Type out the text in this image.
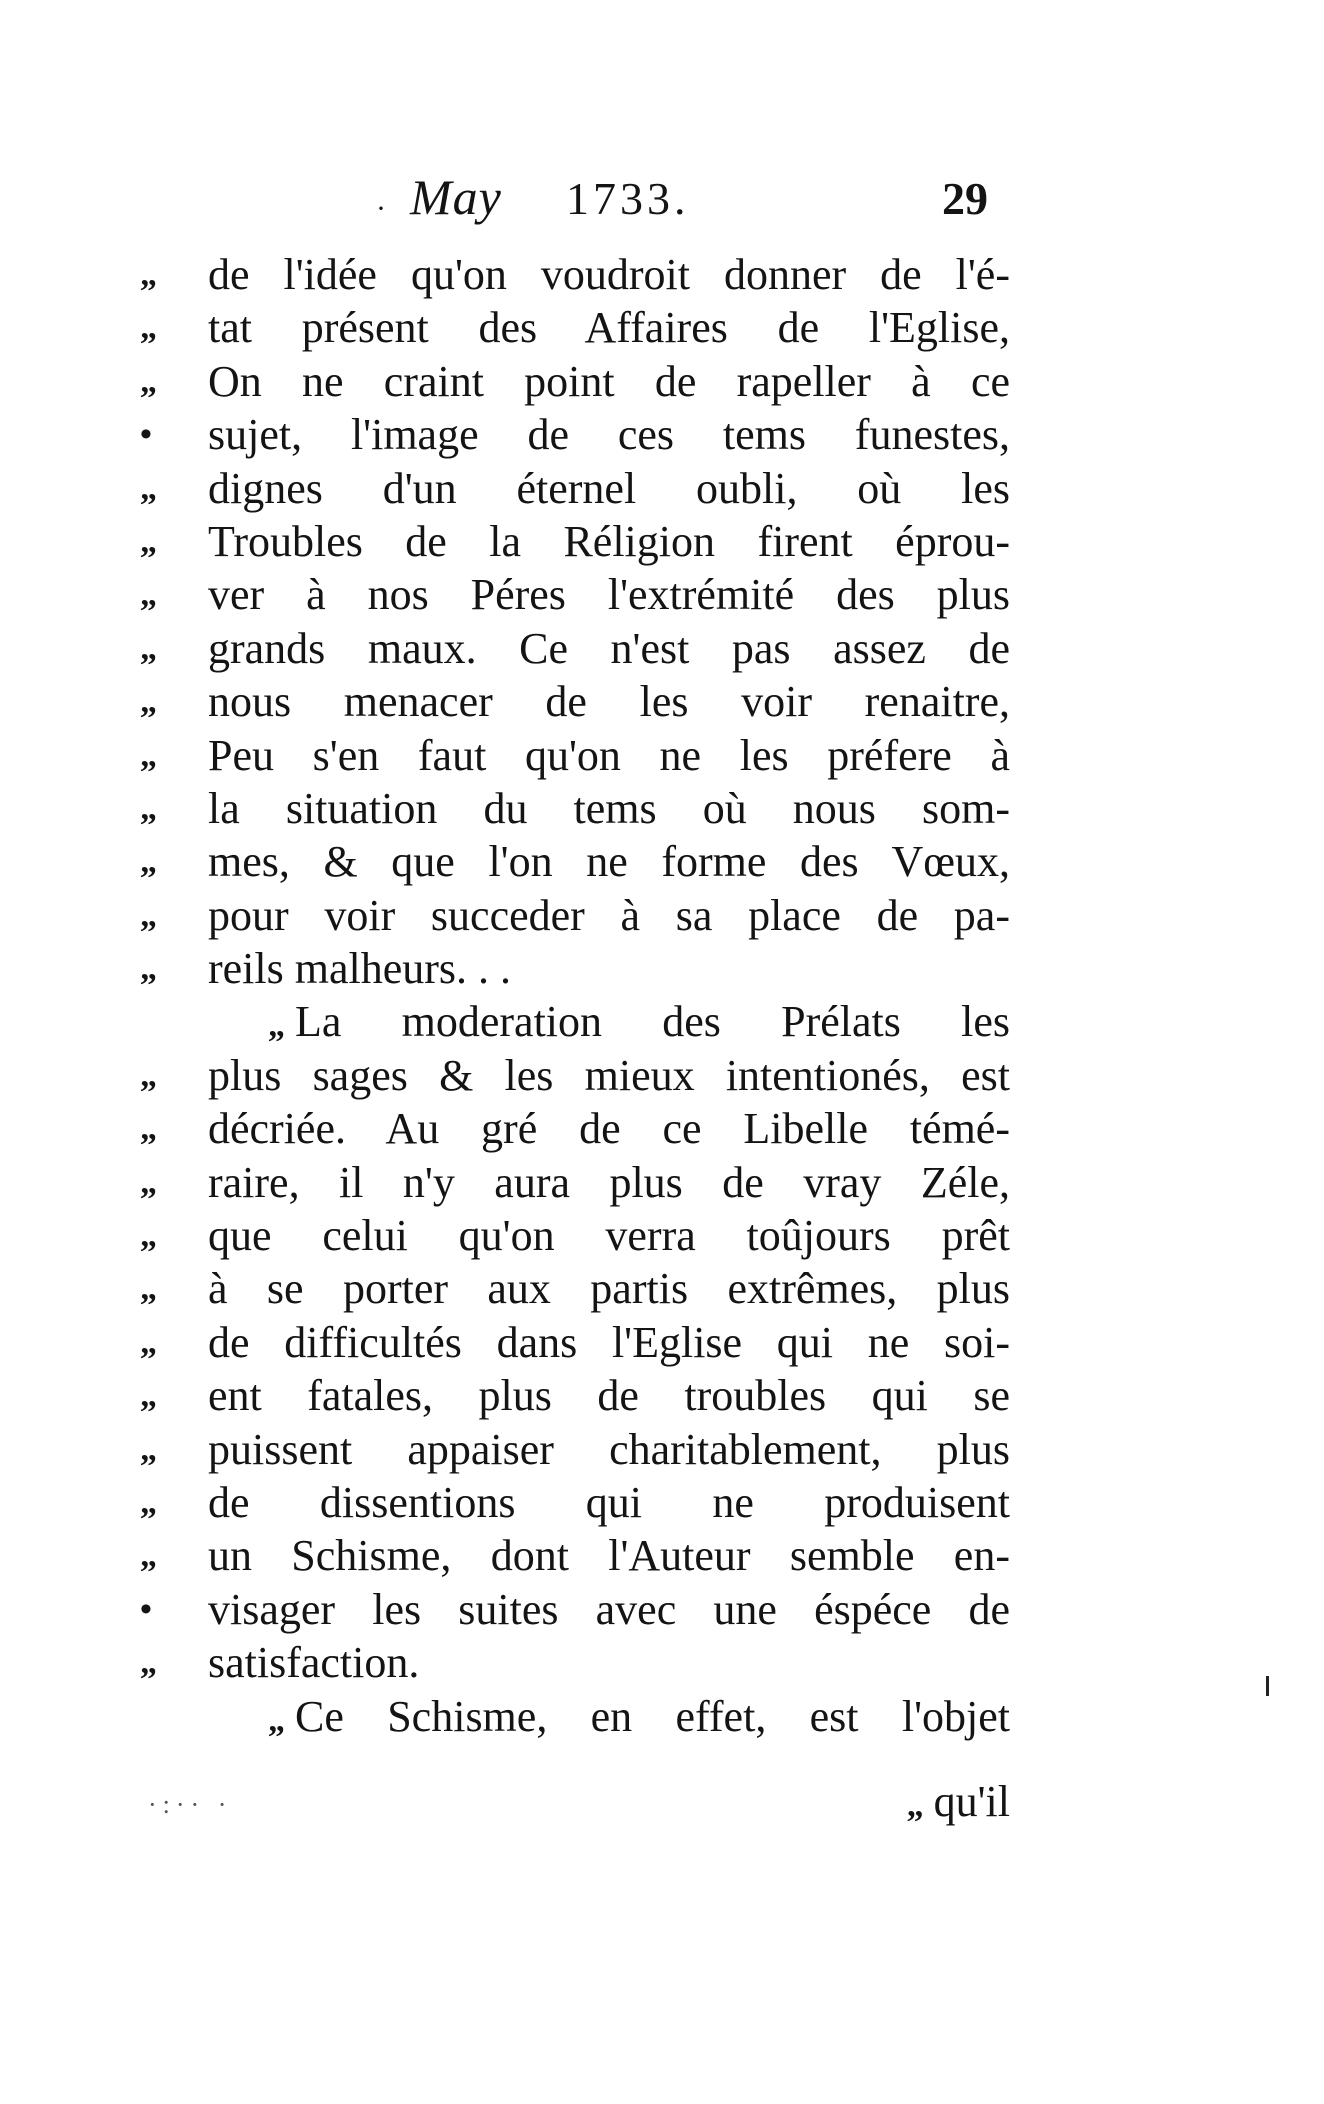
· May 1733.	29
„	de l'idée qu'on voudroit donner de l'é-
„	tat présent des Affaires de l'Eglise,
„	On ne craint point de rapeller à ce
•	sujet, l'image de ces tems funestes,
„	dignes d'un éternel oubli, où les
„	Troubles de la Réligion firent éprou-
„	ver à nos Péres l'extrémité des plus
„	grands maux. Ce n'est pas assez de
„	nous menacer de les voir renaitre,
„	Peu s'en faut qu'on ne les préfere à
„	la situation du tems où nous som-
„	mes, & que l'on ne forme des Vœux,
„	pour voir succeder à sa place de pa-
„	reils malheurs. . .
„ La moderation des Prélats les
„	plus sages & les mieux intentionés, est
„	décriée. Au gré de ce Libelle témé-
„	raire, il n'y aura plus de vray Zéle,
„	que celui qu'on verra toûjours prêt
„	à se porter aux partis extrêmes, plus
„	de difficultés dans l'Eglise qui ne soi-
„	ent fatales, plus de troubles qui se
„	puissent appaiser charitablement, plus
„	de dissentions qui ne produisent
„	un Schisme, dont l'Auteur semble en-
•	visager les suites avec une éspéce de
„	satisfaction.
„ Ce Schisme, en effet, est l'objet
„ qu'il
·:·· ·
